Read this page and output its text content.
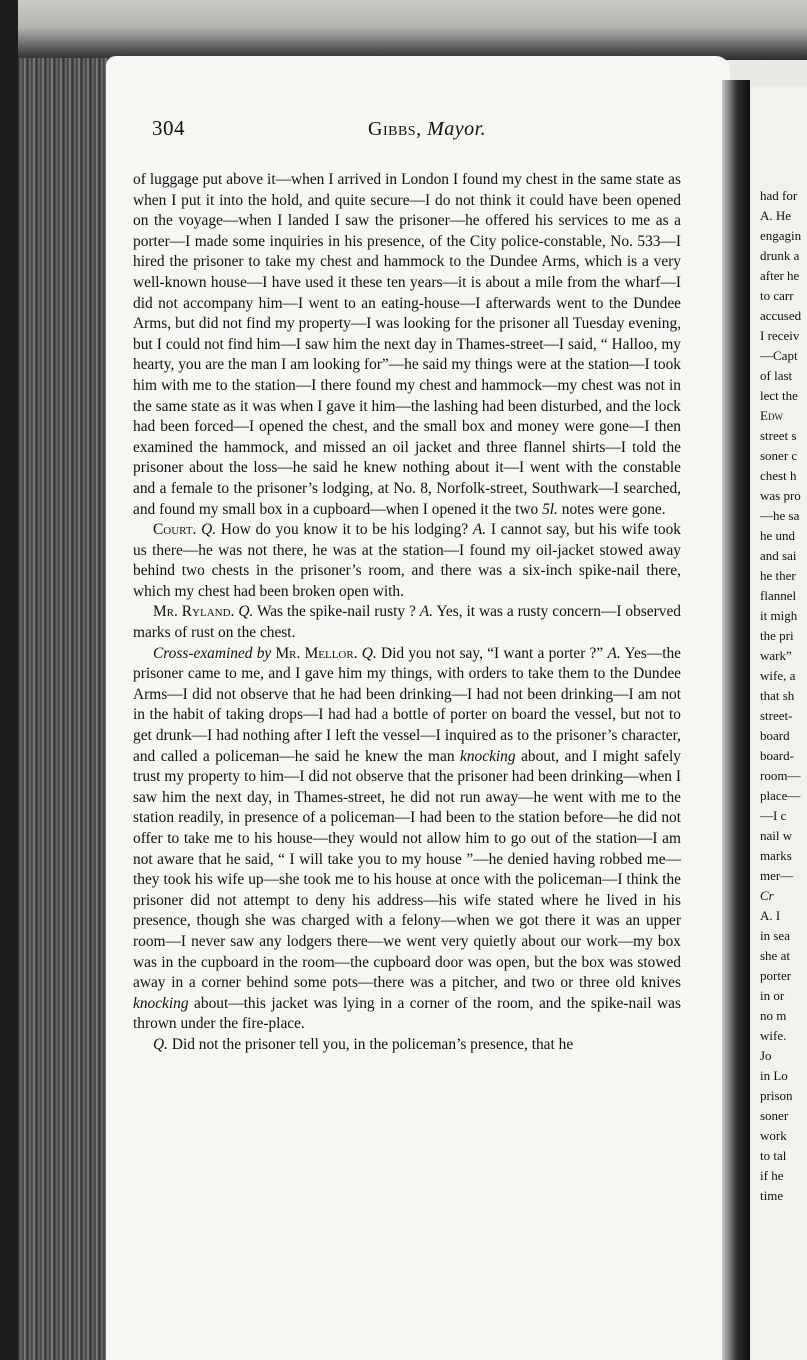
304	Gibbs, Mayor.

of luggage put above it—when I arrived in London I found my chest in the same state as when I put it into the hold, and quite secure—I do not think it could have been opened on the voyage—when I landed I saw the prisoner—he offered his services to me as a porter—I made some inquiries in his presence, of the City police-constable, No. 533—I hired the prisoner to take my chest and hammock to the Dundee Arms, which is a very well-known house—I have used it these ten years—it is about a mile from the wharf—I did not accompany him—I went to an eating-house—I afterwards went to the Dundee Arms, but did not find my property—I was looking for the prisoner all Tuesday evening, but I could not find him—I saw him the next day in Thames-street—I said, “ Halloo, my hearty, you are the man I am looking for”—he said my things were at the station—I took him with me to the station—I there found my chest and hammock—my chest was not in the same state as it was when I gave it him—the lashing had been disturbed, and the lock had been forced—I opened the chest, and the small box and money were gone—I then examined the hammock, and missed an oil jacket and three flannel shirts—I told the prisoner about the loss—he said he knew nothing about it—I went with the constable and a female to the prisoner’s lodging, at No. 8, Norfolk-street, Southwark—I searched, and found my small box in a cupboard—when I opened it the two 5l. notes were gone.

Court. Q. How do you know it to be his lodging? A. I cannot say, but his wife took us there—he was not there, he was at the station—I found my oil-jacket stowed away behind two chests in the prisoner’s room, and there was a six-inch spike-nail there, which my chest had been broken open with.

Mr. Ryland. Q. Was the spike-nail rusty ? A. Yes, it was a rusty concern—I observed marks of rust on the chest.

Cross-examined by Mr. Mellor. Q. Did you not say, “I want a porter ?” A. Yes—the prisoner came to me, and I gave him my things, with orders to take them to the Dundee Arms—I did not observe that he had been drinking—I had not been drinking—I am not in the habit of taking drops—I had had a bottle of porter on board the vessel, but not to get drunk—I had nothing after I left the vessel—I inquired as to the prisoner’s character, and called a policeman—he said he knew the man knocking about, and I might safely trust my property to him—I did not observe that the prisoner had been drinking—when I saw him the next day, in Thames-street, he did not run away—he went with me to the station readily, in presence of a policeman—I had been to the station before—he did not offer to take me to his house—they would not allow him to go out of the station—I am not aware that he said, “ I will take you to my house ”—he denied having robbed me—they took his wife up—she took me to his house at once with the policeman—I think the prisoner did not attempt to deny his address—his wife stated where he lived in his presence, though she was charged with a felony—when we got there it was an upper room—I never saw any lodgers there—we went very quietly about our work—my box was in the cupboard in the room—the cupboard door was open, but the box was stowed away in a corner behind some pots—there was a pitcher, and two or three old knives knocking about—this jacket was lying in a corner of the room, and the spike-nail was thrown under the fire-place.

Q. Did not the prisoner tell you, in the policeman’s presence, that he

had for
A. He
engagin
drunk a
after he
to carr
accused
I receiv
—Capt
of last
lect the
Edw
street s
soner c
chest h
was pro
—he sa
he und
and sai
he ther
flannel
it migh
the pri
wark”
wife, a
that sh
street-
board
board-
room—
place—
—I c
nail w
marks
mer—
Cr
A. I
in sea
she at
porter
in or
no m
wife.
Jo
in Lo
prison
soner
work
to tal
if he
time
